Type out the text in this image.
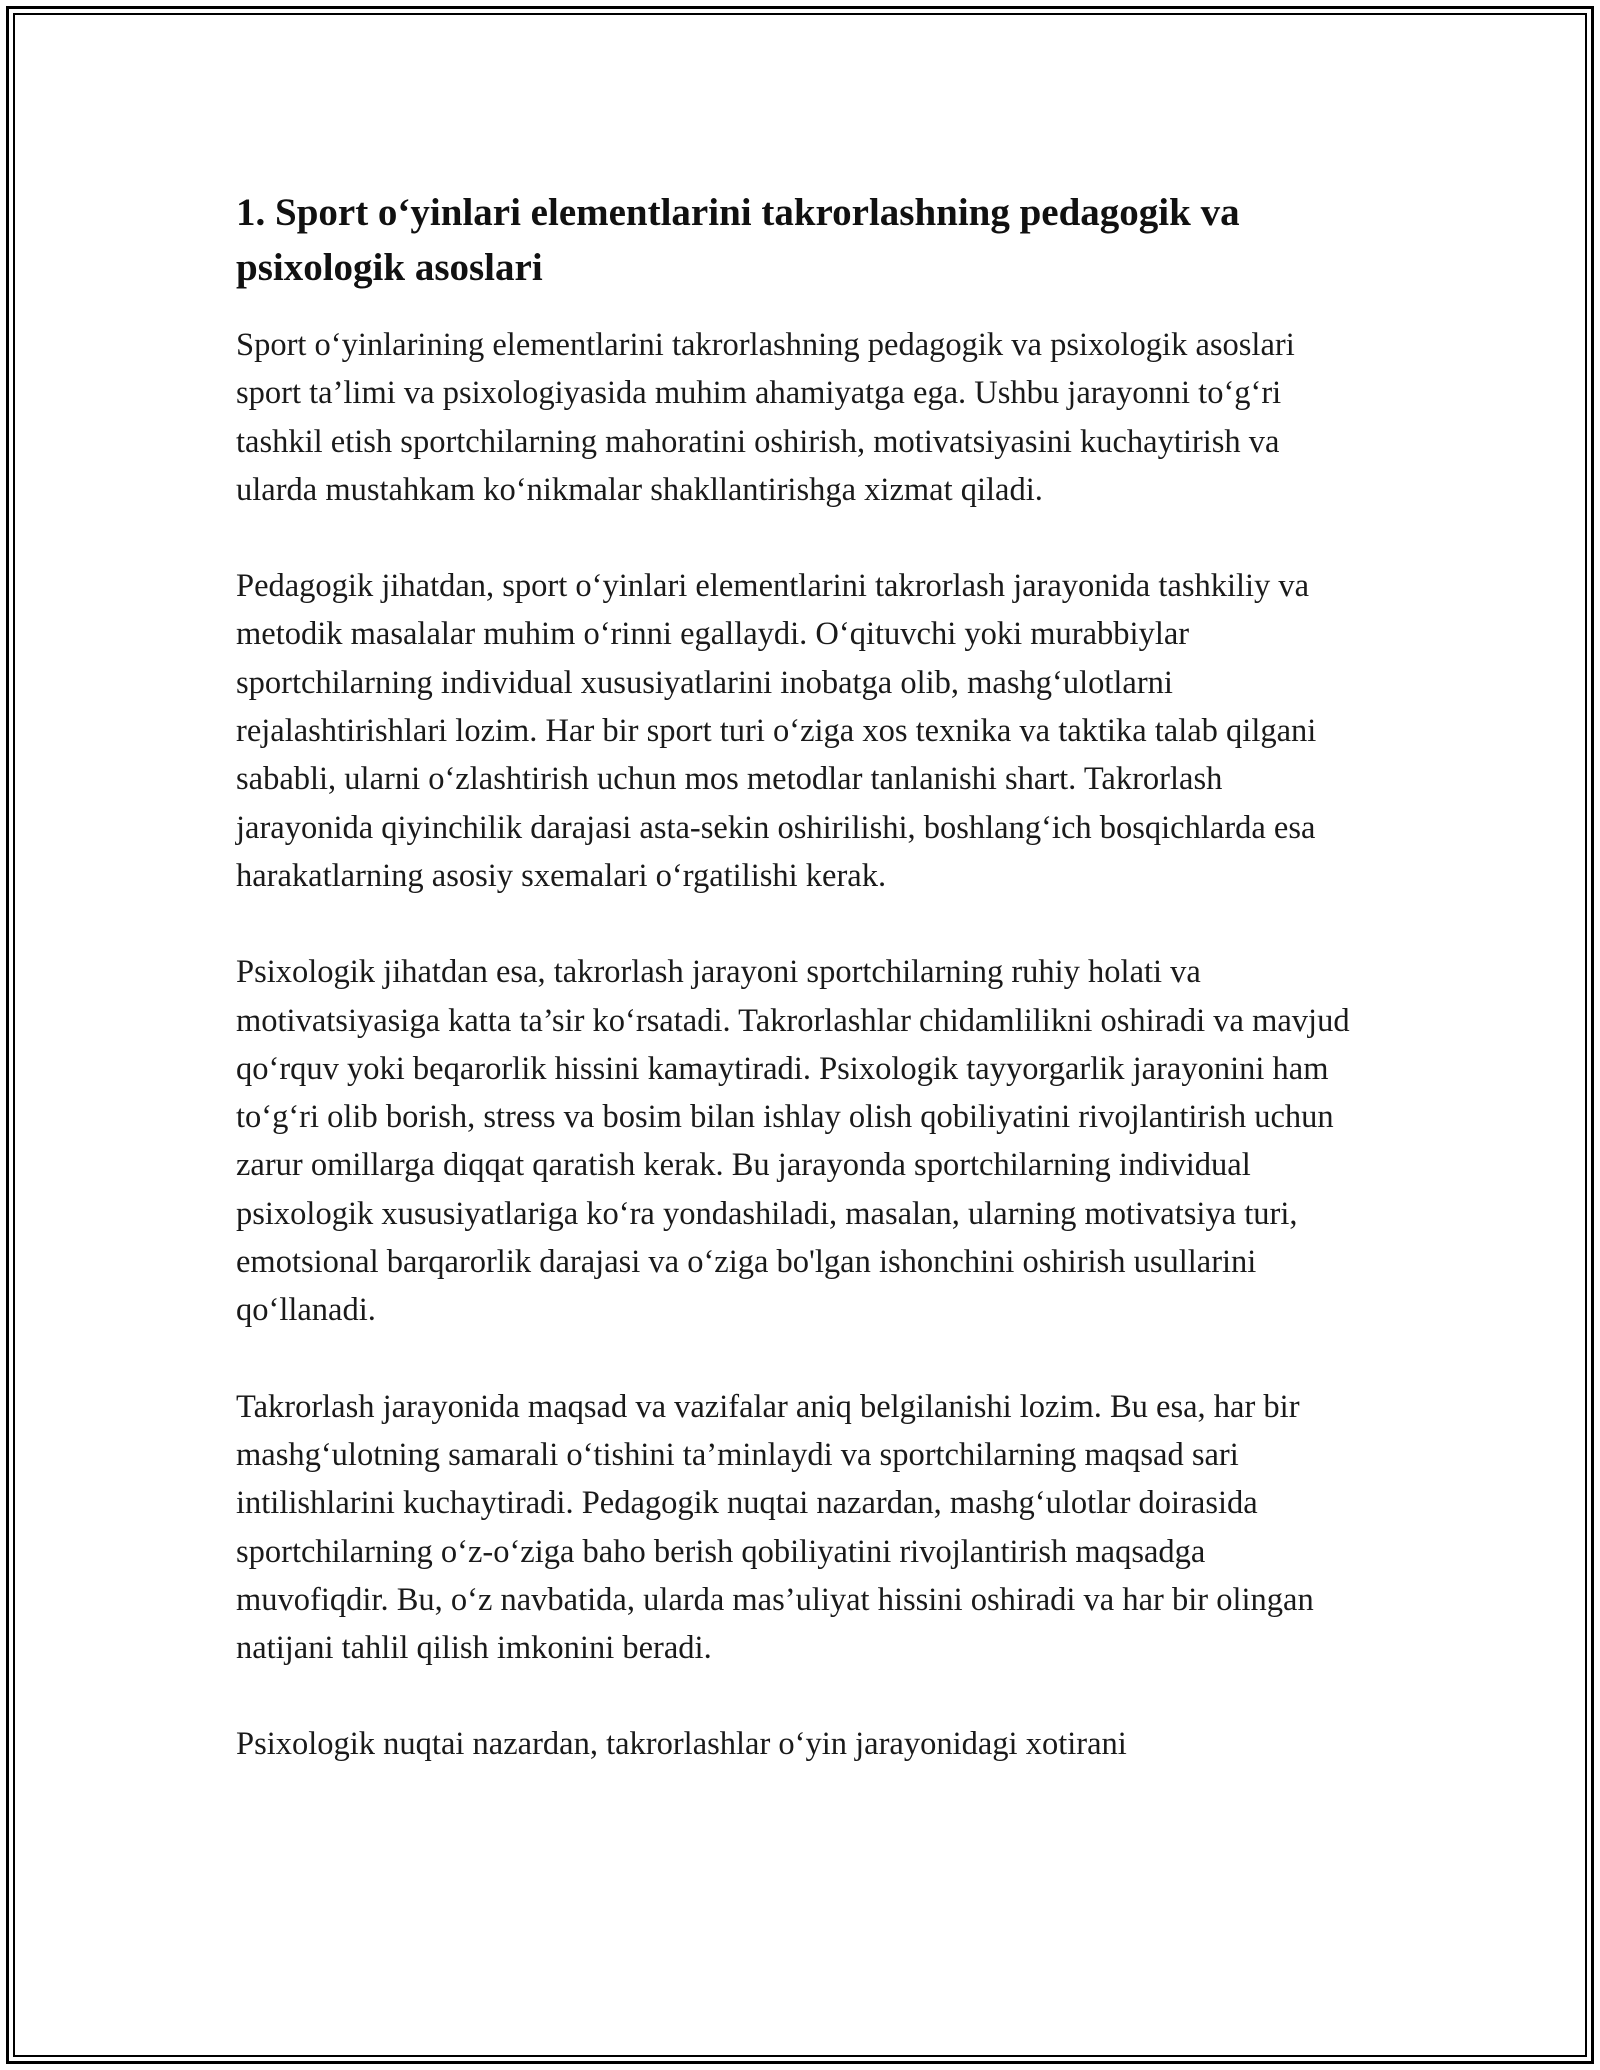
1. Sport o‘yinlari elementlarini takrorlashning pedagogik va psixologik asoslari

Sport o‘yinlarining elementlarini takrorlashning pedagogik va psixologik asoslari sport ta’limi va psixologiyasida muhim ahamiyatga ega. Ushbu jarayonni to‘g‘ri tashkil etish sportchilarning mahoratini oshirish, motivatsiyasini kuchaytirish va ularda mustahkam ko‘nikmalar shakllantirishga xizmat qiladi.

Pedagogik jihatdan, sport o‘yinlari elementlarini takrorlash jarayonida tashkiliy va metodik masalalar muhim o‘rinni egallaydi. O‘qituvchi yoki murabbiylar sportchilarning individual xususiyatlarini inobatga olib, mashg‘ulotlarni rejalashtirishlari lozim. Har bir sport turi o‘ziga xos texnika va taktika talab qilgani sababli, ularni o‘zlashtirish uchun mos metodlar tanlanishi shart. Takrorlash jarayonida qiyinchilik darajasi asta-sekin oshirilishi, boshlang‘ich bosqichlarda esa harakatlarning asosiy sxemalari o‘rgatilishi kerak.

Psixologik jihatdan esa, takrorlash jarayoni sportchilarning ruhiy holati va motivatsiyasiga katta ta’sir ko‘rsatadi. Takrorlashlar chidamlilikni oshiradi va mavjud qo‘rquv yoki beqarorlik hissini kamaytiradi. Psixologik tayyorgarlik jarayonini ham to‘g‘ri olib borish, stress va bosim bilan ishlay olish qobiliyatini rivojlantirish uchun zarur omillarga diqqat qaratish kerak. Bu jarayonda sportchilarning individual psixologik xususiyatlariga ko‘ra yondashiladi, masalan, ularning motivatsiya turi, emotsional barqarorlik darajasi va o‘ziga bo'lgan ishonchini oshirish usullarini qo‘llanadi.

Takrorlash jarayonida maqsad va vazifalar aniq belgilanishi lozim. Bu esa, har bir mashg‘ulotning samarali o‘tishini ta’minlaydi va sportchilarning maqsad sari intilishlarini kuchaytiradi. Pedagogik nuqtai nazardan, mashg‘ulotlar doirasida sportchilarning o‘z-o‘ziga baho berish qobiliyatini rivojlantirish maqsadga muvofiqdir. Bu, o‘z navbatida, ularda mas’uliyat hissini oshiradi va har bir olingan natijani tahlil qilish imkonini beradi.

Psixologik nuqtai nazardan, takrorlashlar o‘yin jarayonidagi xotirani
